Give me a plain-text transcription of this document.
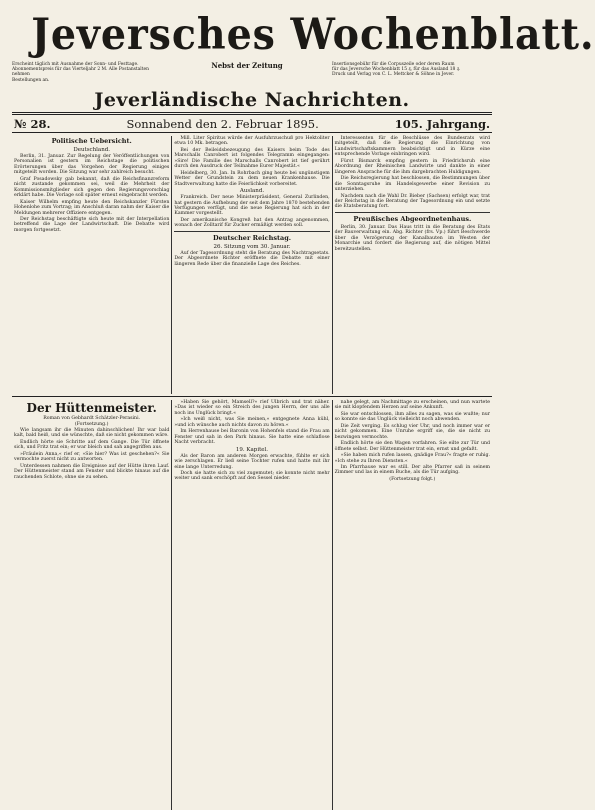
Jeversches Wochenblatt.
Erscheint täglich mit Ausnahme der Sonn- und Festtage.
Abonnementspreis für das Vierteljahr 2 M. Alle Postanstalten nehmen
Bestellungen an.
Nebst der Zeitung	Insertionsgebühr für die Corpuszeile oder deren Raum
für das Jeversche Wochenblatt 15 ₰, für das Ausland 18 ₰.
Druck und Verlag von C. L. Mettcker & Söhne in Jever.
Jeverländische Nachrichten.
№ 28.	Sonnabend den 2. Februar 1895.	105. Jahrgang.
Politische Uebersicht.
Deutschland.

Berlin, 31. Januar. Zur Regelung der Veröffentlichungen von Personalien ist gestern im Reichstage die politischen Erörterungen über das Vorgehen der Regierung einiges mitgeteilt worden. Die Sitzung war sehr zahlreich besucht.

Graf Posadowsky gab bekannt, daß die Reichsfinanzreform nicht zustande gekommen sei, weil die Mehrheit der Kommissionsmitglieder sich gegen den Regierungsvorschlag erklärt habe. Die Vorlage soll später erneut eingebracht werden.

Kaiser Wilhelm empfing heute den Reichskanzler Fürsten Hohenlohe zum Vortrag; im Anschluß daran nahm der Kaiser die Meldungen mehrerer Offiziere entgegen.

Der Reichstag beschäftigte sich heute mit der Interpellation betreffend die Lage der Landwirtschaft. Die Debatte wird morgen fortgesetzt.

Mill. Liter Spiritus würde der Ausfuhrzuschuß pro Hektoliter etwa 10 Mk. betragen.

Bei der Beileidsbezeugung des Kaisers beim Tode des Marschalls Canrobert ist folgendes Telegramm eingegangen: »Sire! Die Familie des Marschalls Canrobert ist tief gerührt durch den Ausdruck der Teilnahme Eurer Majestät.«

Heidelberg, 30. Jan. In Rohrbach ging heute bei ungünstigem Wetter der Grundstein zu dem neuen Krankenhause. Die Stadtverwaltung hatte die Feierlichkeit vorbereitet.

Ausland.

Frankreich. Der neue Ministerpräsident, General Zurlinden, hat gestern die Aufhebung der seit dem Jahre 1870 bestehenden Verfügungen verfügt, und die neue Regierung hat sich in der Kammer vorgestellt.

Der amerikanische Kongreß hat den Antrag angenommen, wonach der Zolltarif für Zucker ermäßigt werden soll.

Deutscher Reichstag.
26. Sitzung vom 30. Januar.

Auf der Tagesordnung steht die Beratung des Nachtragsetats. Der Abgeordnete Richter eröffnete die Debatte mit einer längeren Rede über die finanzielle Lage des Reiches.

Interessenten für die Beschlüsse des Bundesrats wird mitgeteilt, daß die Regierung die Einrichtung von Landwirtschaftskammern beabsichtigt und in Kürze eine entsprechende Vorlage einbringen wird.

Fürst Bismarck empfing gestern in Friedrichsruh eine Abordnung der Rheinischen Landwirte und dankte in einer längeren Ansprache für die ihm dargebrachten Huldigungen.

Die Reichsregierung hat beschlossen, die Bestimmungen über die Sonntagsruhe im Handelsgewerbe einer Revision zu unterziehen.

Nachdem nach die Wahl Dr. Bieber (Sachsen) erfolgt war, trat der Reichstag in die Beratung der Tagesordnung ein und setzte die Etatsberatung fort.

Preußisches Abgeordnetenhaus.

Berlin, 30. Januar. Das Haus tritt in die Beratung des Etats der Bauverwaltung ein. Abg. Richter (frs. Vp.) führt Beschwerde über die Verzögerung der Kanalbauten im Westen der Monarchie und fordert die Regierung auf, die nötigen Mittel bereitzustellen.

Der Hüttenmeister.
Roman von Gebhardt Schätzler-Perasini.
(Fortsetzung.)

Wie langsam ihr die Minuten dahinschlichen! Ihr war bald kalt, bald heiß, und sie wünschte, daß sie nicht gekommen wäre.

Endlich hörte sie Schritte auf dem Gange. Die Tür öffnete sich, und Fritz trat ein; er war bleich und sah angegriffen aus.

»Fräulein Anna,« rief er, »Sie hier? Was ist geschehen?« Sie vermochte zuerst nicht zu antworten.

Unterdessen nahmen die Ereignisse auf der Hütte ihren Lauf. Der Hüttenmeister stand am Fenster und blickte hinaus auf die rauchenden Schlote, ohne sie zu sehen.

»Haben Sie gehört, Mamsell?« rief Ulbrich und trat näher. »Das ist wieder so ein Streich des jungen Herrn, der uns alle noch ins Unglück bringt.«

»Ich weiß nicht, was Sie meinen,« entgegnete Anna kühl, »und ich wünsche auch nichts davon zu hören.«

Im Herrenhause bei Baronin von Hohenfels stand die Frau am Fenster und sah in den Park hinaus. Sie hatte eine schlaflose Nacht verbracht.

19. Kapitel.

Als der Baron am anderen Morgen erwachte, fühlte er sich wie zerschlagen. Er ließ seine Tochter rufen und hatte mit ihr eine lange Unterredung.

Doch sie hatte sich zu viel zugemutet; sie konnte nicht mehr weiter und sank erschöpft auf den Sessel nieder.

nahe gelegt, am Nachmittage zu erscheinen, und nun wartete sie mit klopfendem Herzen auf seine Ankunft.

Sie war entschlossen, ihm alles zu sagen, was sie wußte; nur so konnte sie das Unglück vielleicht noch abwenden.

Die Zeit verging. Es schlug vier Uhr, und noch immer war er nicht gekommen. Eine Unruhe ergriff sie, die sie nicht zu bezwingen vermochte.

Endlich hörte sie den Wagen vorfahren. Sie eilte zur Tür und öffnete selbst. Der Hüttenmeister trat ein, ernst und gefaßt.

»Sie haben mich rufen lassen, gnädige Frau?« fragte er ruhig. »Ich stehe zu Ihren Diensten.«

Im Pfarrhause war es still. Der alte Pfarrer saß in seinem Zimmer und las in einem Buche, als die Tür aufging.

(Fortsetzung folgt.)
